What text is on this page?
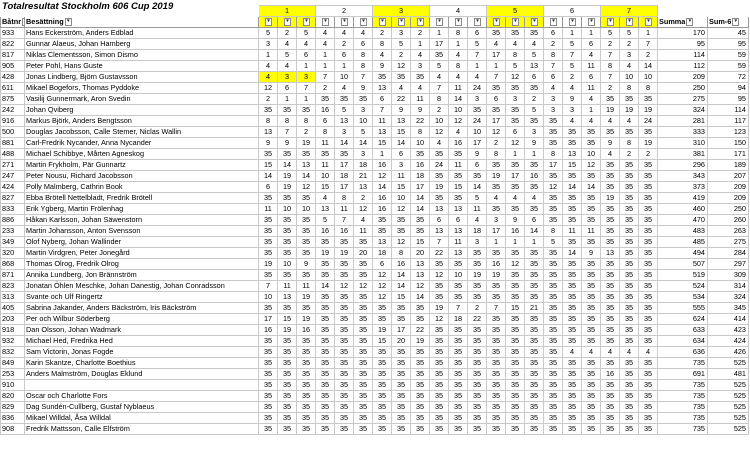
Totalresultat Stockholm 606 Cup 2019
			1			2			3			4			5			6			7				
Båtnr	Besättning ▾	▾	▾	▾	▾	▾	▾	▾	▾	▾	▾	▾	▾	▾	▾	▾	▾	▾	▾	▾	▾	▾	Summa ▾	Sum-6 ▾
933	Hans Eckerström, Anders Edblad	5	2	5	4	4	4	2	3	2	1	8	6	35	35	35	6	1	1	5	5	1	170	45
822	Gunnar Alaeus, Johan Hamberg	3	4	4	4	2	6	8	5	1	17	1	5	4	4	4	2	5	6	2	2	7	95	95
817	Niklas Clementsson, Simon Dismo	1	5	6	1	6	8	4	2	4	35	4	7	17	8	5	8	7	4	7	3	2	114	59
905	Peter Pohl, Hans Guste	4	4	1	1	1	8	9	12	3	5	8	1	1	5	13	7	5	11	8	4	14	112	59
428	Jonas Lindberg, Björn Gustavsson	4	3	3	7	10	7	35	35	35	4	4	4	7	12	6	6	2	6	7	10	10	209	72
611	Mikael Bogefors, Thomas Pyddoke	12	6	7	2	4	9	13	4	4	7	11	24	35	35	35	4	4	11	2	8	8	250	94
875	Vasilij Gunnermark, Aron Svedin	2	1	1	35	35	35	6	22	11	8	14	3	6	3	2	3	9	4	35	35	35	275	95
242	Johan Qviberg	35	35	35	16	5	3	7	9	9	2	10	35	35	35	5	3	3	1	19	19	19	324	114
916	Markus Björk, Anders Bengtsson	8	8	8	6	13	10	11	13	22	10	12	24	17	35	35	35	4	4	4	4	24	281	117
500	Douglas Jacobsson, Calle Stemer, Niclas Wallin	13	7	2	8	3	5	13	15	8	12	4	10	12	6	3	35	35	35	35	35	35	333	123
881	Carl-Fredrik Nycander, Anna Nycander	9	9	19	11	14	14	15	14	10	4	16	17	2	12	9	35	35	35	9	8	19	310	150
488	Michael Schibbye, Mårten Agneskog	35	35	35	35	35	3	1	6	35	35	35	9	8	1	1	8	13	10	4	2	2	381	171
271	Martin Frykholm, Pär Gunnartz	15	14	13	11	17	18	16	3	16	24	11	6	35	35	35	17	15	12	35	35	35	296	189
247	Peter Nousu, Richard Jacobsson	14	19	14	10	18	21	12	11	18	35	35	35	19	17	16	35	35	35	35	35	35	343	207
424	Polly Malmberg, Cathrin Book	6	19	12	15	17	13	14	15	17	19	15	14	35	35	35	12	14	14	35	35	35	373	209
827	Ebba Brötell Nettelbladt, Fredrik Brötell	35	35	35	4	8	2	16	10	14	35	35	5	4	4	4	35	35	35	19	35	35	419	209
833	Erik Ygberg, Martin Frölenhag	11	10	10	13	11	12	16	12	14	13	13	11	35	35	35	35	35	35	35	35	35	460	250
886	Håkan Karlsson, Johan Säwenstorn	35	35	35	5	7	4	35	35	35	6	6	4	3	9	6	35	35	35	35	35	35	470	260
233	Martin Johansson, Anton Svensson	35	35	35	16	16	11	35	35	35	13	13	18	17	16	14	8	11	11	35	35	35	483	263
349	Olof Nyberg, Johan Wallinder	35	35	35	35	35	35	13	12	15	7	11	3	1	1	1	5	35	35	35	35	35	485	275
320	Martin Virdgren, Peter Jonegård	35	35	35	19	19	20	18	8	20	22	13	35	35	35	35	35	14	9	13	35	35	494	284
868	Thomas Olrog, Fredrik Olrog	19	10	9	35	35	35	6	16	13	35	35	35	16	12	35	35	35	35	35	35	35	507	297
871	Annika Lundberg, Jon Brännström	35	35	35	35	35	35	12	14	13	12	10	19	19	35	35	35	35	35	35	35	35	519	309
823	Jonatan Öhlen Meschke, Johan Danestig, Johan Conradsson	7	11	11	14	12	12	12	14	12	35	35	35	35	35	35	35	35	35	35	35	35	524	314
313	Svante och Ulf Ringertz	10	13	19	35	35	35	12	15	14	35	35	35	35	35	35	35	35	35	35	35	35	534	324
405	Sabrina Jakander, Anders Bäckström, Iris Bäckström	35	35	35	35	35	35	35	35	35	19	7	2	7	15	21	35	35	35	35	35	35	555	345
203	Per och Wilbur Söderberg	17	15	19	35	35	35	35	35	35	12	18	22	35	35	35	35	35	35	35	35	35	624	414
918	Dan Olsson, Johan Wadmark	16	19	16	35	35	35	19	17	22	35	35	35	35	35	35	35	35	35	35	35	35	633	423
932	Michael Hed, Fredrika Hed	35	35	35	35	35	35	15	20	19	35	35	35	35	35	35	35	35	35	35	35	35	634	424
832	Sam Victorin, Jonas Fogde	35	35	35	35	35	35	35	35	35	35	35	35	35	35	35	35	4	4	4	4	4	636	426
849	Karin Skantze, Charlotte Boethius	35	35	35	35	35	35	35	35	35	35	35	35	35	35	35	35	35	35	35	35	35	735	525
253	Anders Malmström, Douglas Eklund	35	35	35	35	35	35	35	35	35	35	35	35	35	35	35	35	35	35	16	35	35	691	481
910		35	35	35	35	35	35	35	35	35	35	35	35	35	35	35	35	35	35	35	35	35	735	525
820	Oscar och Charlotte Fors	35	35	35	35	35	35	35	35	35	35	35	35	35	35	35	35	35	35	35	35	35	735	525
829	Dag Sundén-Cullberg, Gustaf Nyblaeus	35	35	35	35	35	35	35	35	35	35	35	35	35	35	35	35	35	35	35	35	35	735	525
836	Mikael Willdal, Åsa Willdal	35	35	35	35	35	35	35	35	35	35	35	35	35	35	35	35	35	35	35	35	35	735	525
908	Fredrik Mattsson, Calle Elfström	35	35	35	35	35	35	35	35	35	35	35	35	35	35	35	35	35	35	35	35	35	735	525
